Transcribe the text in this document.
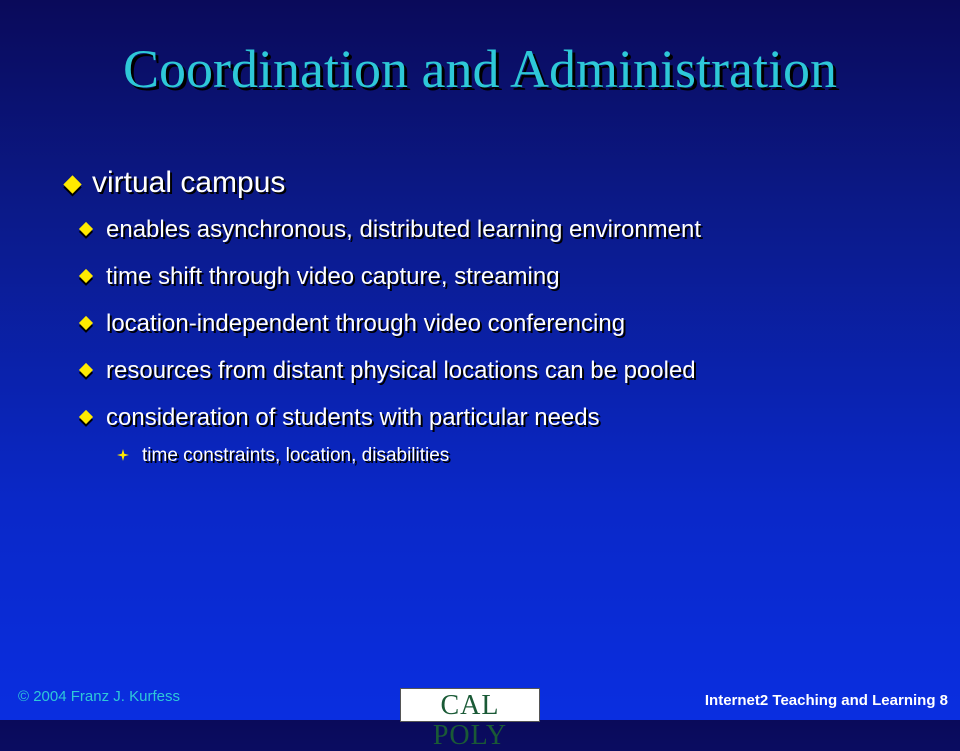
Coordination and Administration
virtual campus
enables asynchronous, distributed learning environment
time shift through video capture, streaming
location-independent through video conferencing
resources from distant physical locations can be pooled
consideration of students with particular needs
time constraints, location, disabilities
© 2004 Franz J. Kurfess	CAL POLY
Internet2 Teaching and Learning 8
